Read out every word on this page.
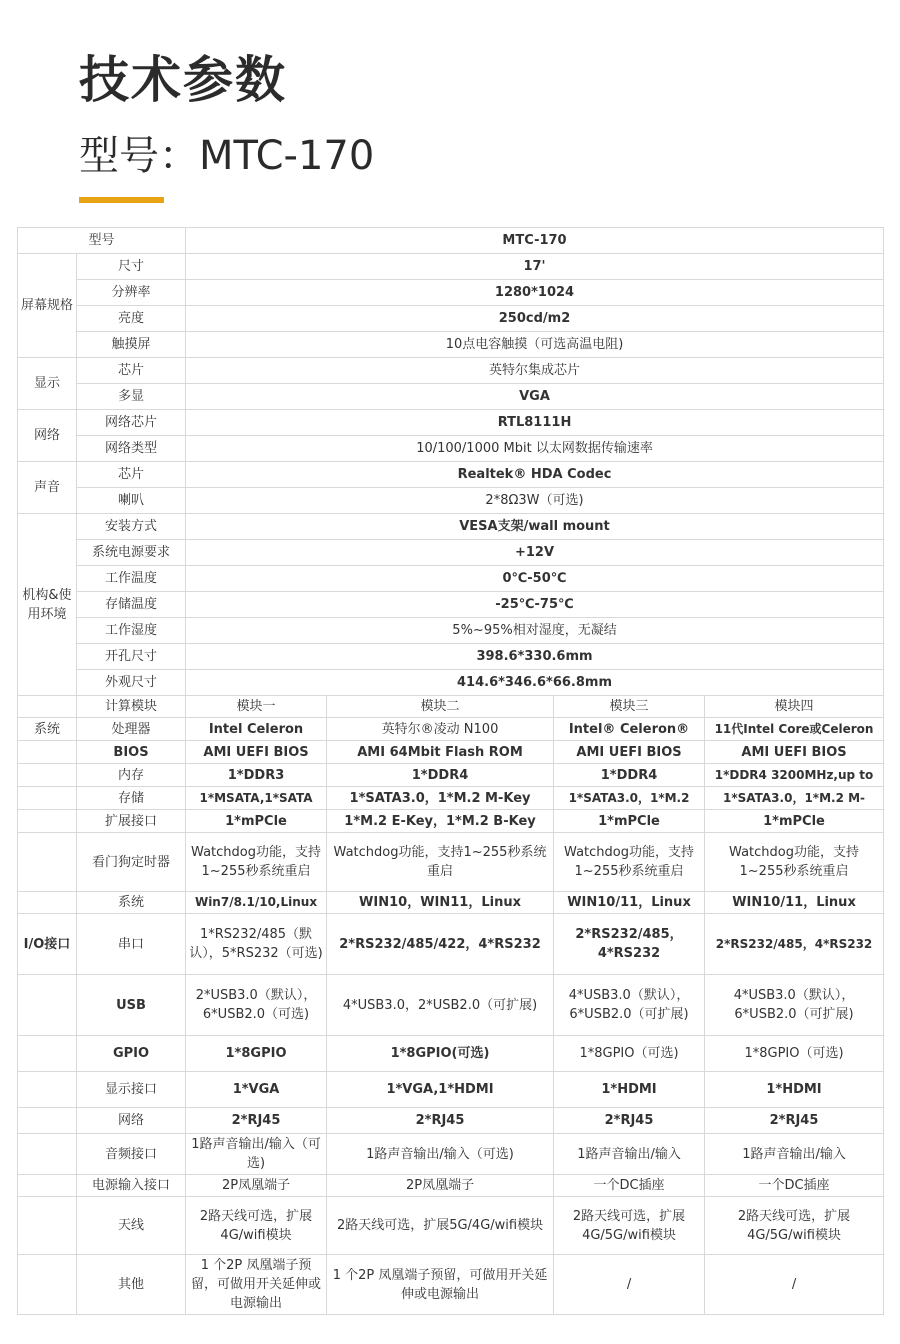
技术参数
型号：MTC-170
型号		MTC-170			
屏幕规格	尺寸	17'			
	分辨率	1280*1024			
	亮度	250cd/m2			
	触摸屏	10点电容触摸（可选高温电阻)			
显示	芯片	英特尔集成芯片			
	多显	VGA			
网络	网络芯片	RTL8111H			
	网络类型	10/100/1000 Mbit 以太网数据传输速率			
声音	芯片	Realtek® HDA Codec			
	喇叭	2*8Ω3W（可选)			
机构&使用环境	安装方式	VESA支架/wall mount			
	系统电源要求	+12V			
	工作温度	0℃-50℃			
	存储温度	-25℃-75℃			
	工作湿度	5%~95%相对湿度，无凝结			
	开孔尺寸	398.6*330.6mm			
	外观尺寸	414.6*346.6*66.8mm			
	计算模块	模块一	模块二	模块三	模块四
系统	处理器	Intel Celeron	英特尔®凌动 N100	Intel® Celeron®	11代Intel Core或Celeron
	BIOS	AMI UEFI BIOS	AMI 64Mbit Flash ROM	AMI UEFI BIOS	AMI UEFI BIOS
	内存	1*DDR3	1*DDR4	1*DDR4	1*DDR4 3200MHz,up to
	存储	1*MSATA,1*SATA	1*SATA3.0，1*M.2 M-Key	1*SATA3.0，1*M.2	1*SATA3.0，1*M.2 M-
	扩展接口	1*mPCle	1*M.2 E-Key，1*M.2 B-Key	1*mPCle	1*mPCle
	看门狗定时器	Watchdog功能，支持1~255秒系统重启	Watchdog功能，支持1~255秒系统重启	Watchdog功能，支持1~255秒系统重启	Watchdog功能，支持1~255秒系统重启
	系统	Win7/8.1/10,Linux	WIN10，WIN11，Linux	WIN10/11，Linux	WIN10/11，Linux
I/O接口	串口	1*RS232/485（默认），5*RS232（可选)	2*RS232/485/422，4*RS232	2*RS232/485，4*RS232	2*RS232/485，4*RS232
	USB	2*USB3.0（默认），6*USB2.0（可选)	4*USB3.0，2*USB2.0（可扩展)	4*USB3.0（默认），6*USB2.0（可扩展)	4*USB3.0（默认），6*USB2.0（可扩展)
	GPIO	1*8GPIO	1*8GPIO(可选)	1*8GPIO（可选)	1*8GPIO（可选)
	显示接口	1*VGA	1*VGA,1*HDMI	1*HDMI	1*HDMI
	网络	2*RJ45	2*RJ45	2*RJ45	2*RJ45
	音频接口	1路声音输出/输入（可选)	1路声音输出/输入（可选)	1路声音输出/输入	1路声音输出/输入
	电源输入接口	2P凤凰端子	2P凤凰端子	一个DC插座	一个DC插座
	天线	2路天线可选，扩展4G/wifi模块	2路天线可选，扩展5G/4G/wifi模块	2路天线可选，扩展4G/5G/wifi模块	2路天线可选，扩展4G/5G/wifi模块
	其他	1 个2P 凤凰端子预留，可做用开关延伸或电源输出	1 个2P 凤凰端子预留，可做用开关延伸或电源输出	/	/
